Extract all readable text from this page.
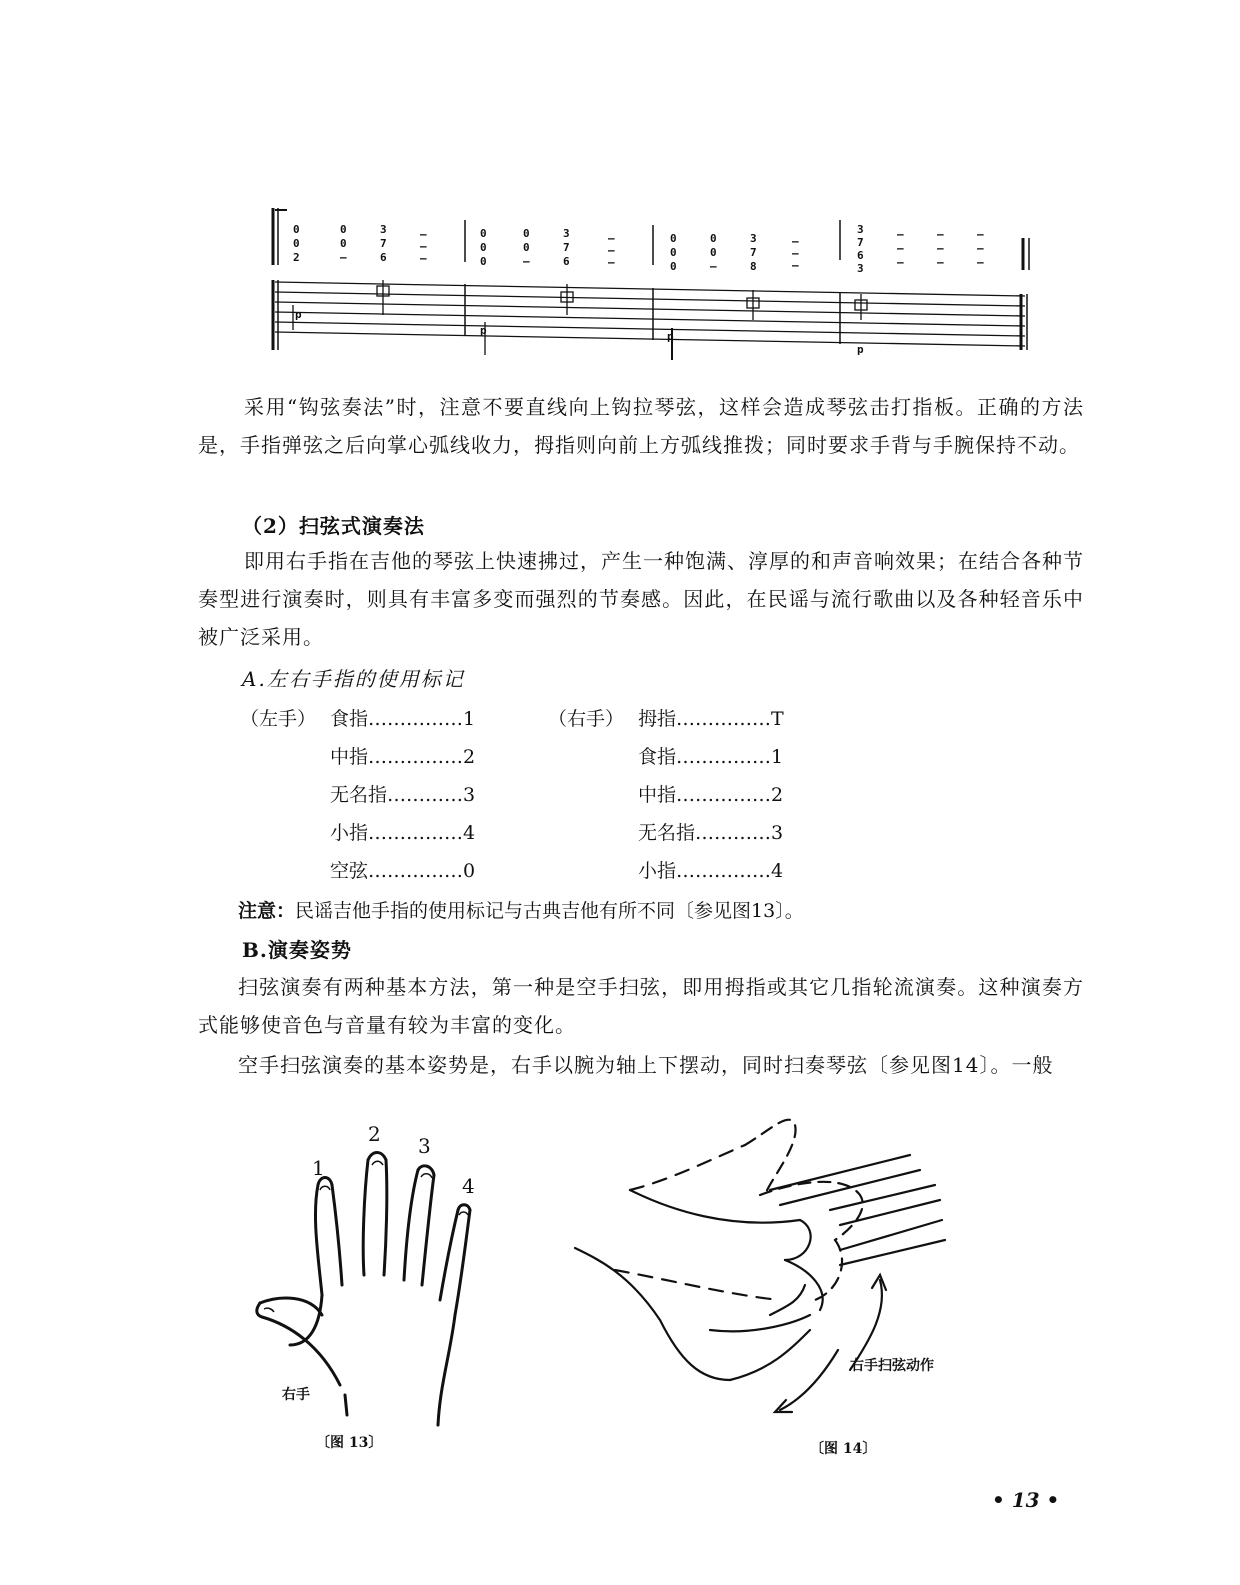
0
0
2
0
0
—
3
7
6
—
—
—
0
0
0
0
0
—
3
7
6
—
—
—
0
0
0
0
0
—
3
7
8
—
—
—
3
7
6
3
—
—
—
—
—
—
—
—
—
p
p	p
p
采用“钩弦奏法”时，注意不要直线向上钩拉琴弦，这样会造成琴弦击打指板。正确的方法是，手指弹弦之后向掌心弧线收力，拇指则向前上方弧线推拨；同时要求手背与手腕保持不动。
（2）扫弦式演奏法
即用右手指在吉他的琴弦上快速拂过，产生一种饱满、淳厚的和声音响效果；在结合各种节奏型进行演奏时，则具有丰富多变而强烈的节奏感。因此，在民谣与流行歌曲以及各种轻音乐中被广泛采用。
A.左右手指的使用标记
（左手）	（右手）
食指……………1
中指……………2
无名指…………3
小指……………4
空弦……………0
拇指……………T
食指……………1
中指……………2
无名指…………3
小指……………4
注意：民谣吉他手指的使用标记与古典吉他有所不同〔参见图13〕。
B.演奏姿势
扫弦演奏有两种基本方法，第一种是空手扫弦，即用拇指或其它几指轮流演奏。这种演奏方式能够使音色与音量有较为丰富的变化。
空手扫弦演奏的基本姿势是，右手以腕为轴上下摆动，同时扫奏琴弦〔参见图14〕。一般
1
2 3
4
右手
〔图 13〕
右手扫弦动作
〔图 14〕
• 13 •
